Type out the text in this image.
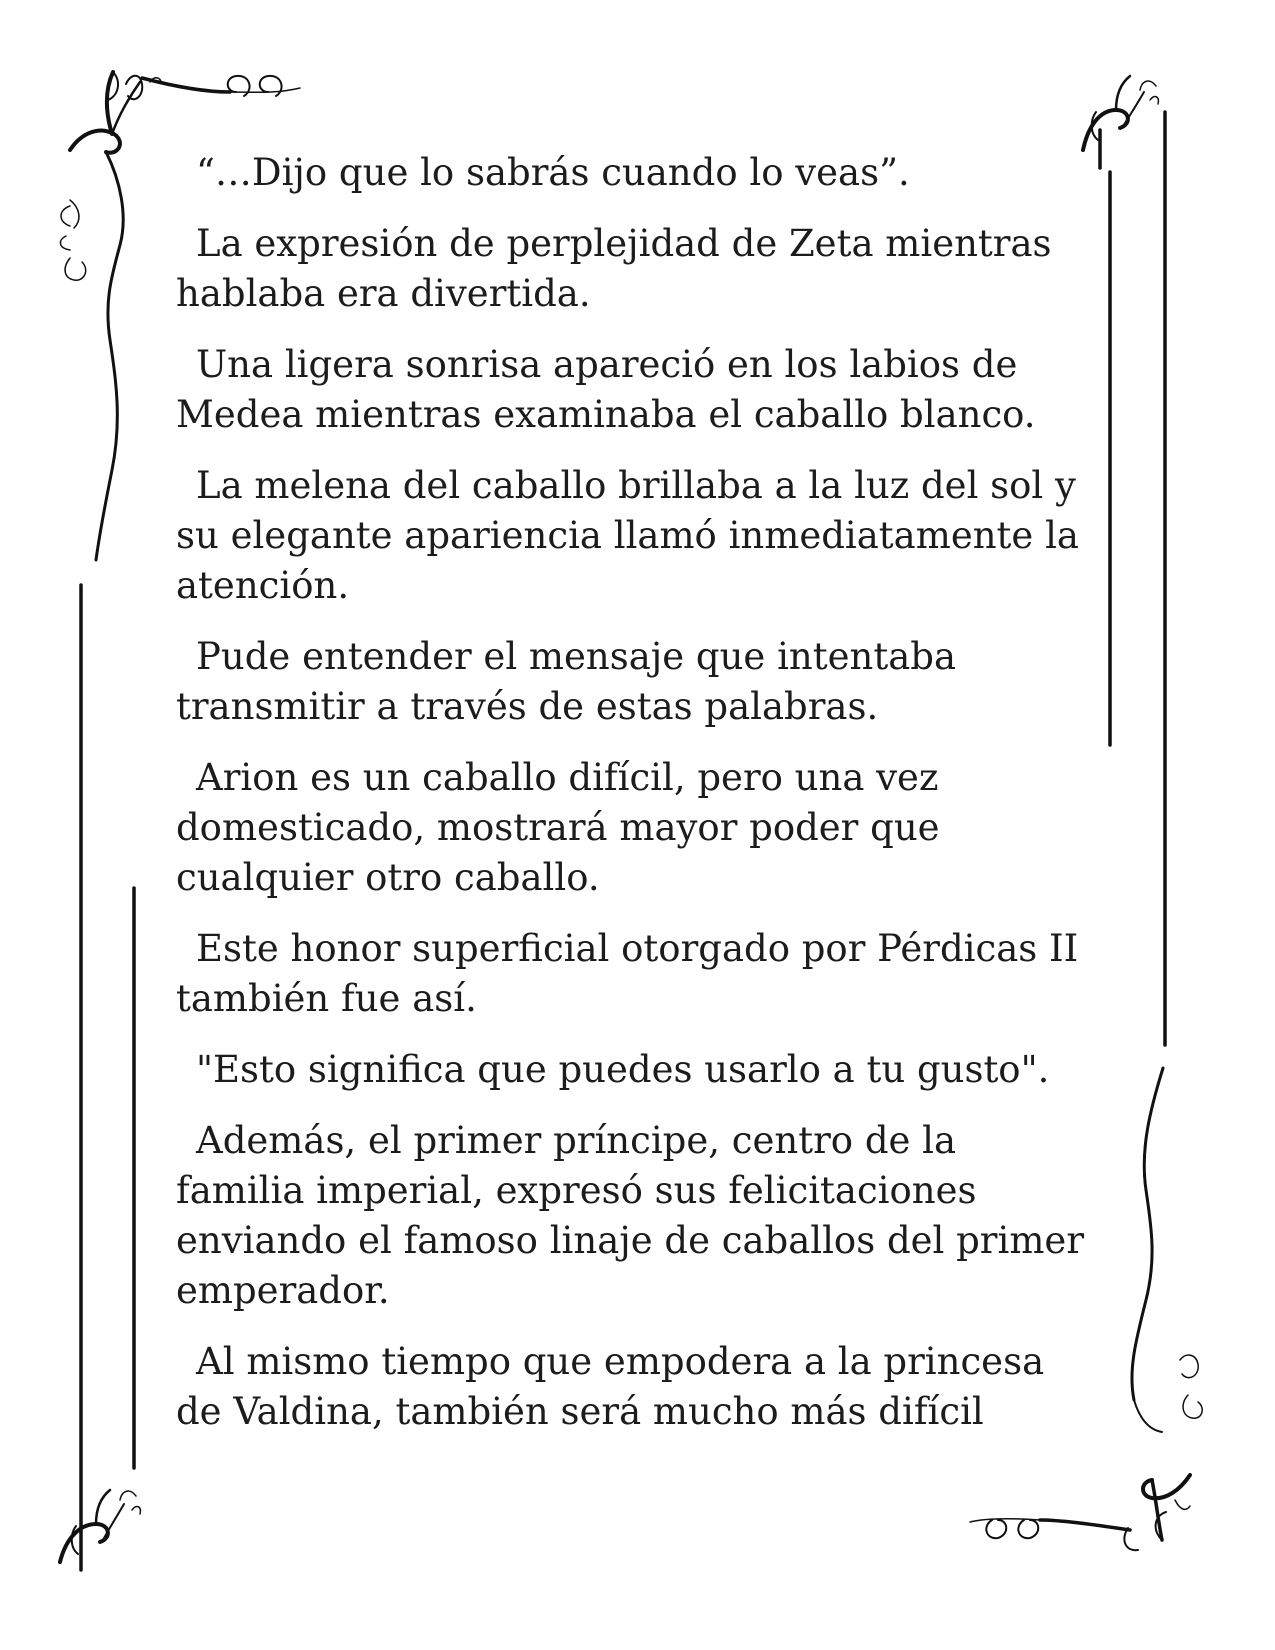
“…Dijo que lo sabrás cuando lo veas”.

La expresión de perplejidad de Zeta mientras hablaba era divertida.

Una ligera sonrisa apareció en los labios de Medea mientras examinaba el caballo blanco.

La melena del caballo brillaba a la luz del sol y su elegante apariencia llamó inmediatamente la atención.

Pude entender el mensaje que intentaba transmitir a través de estas palabras.

Arion es un caballo difícil, pero una vez domesticado, mostrará mayor poder que cualquier otro caballo.

Este honor superficial otorgado por Pérdicas II también fue así.

"Esto significa que puedes usarlo a tu gusto".

Además, el primer príncipe, centro de la familia imperial, expresó sus felicitaciones enviando el famoso linaje de caballos del primer emperador.

Al mismo tiempo que empodera a la princesa de Valdina, también será mucho más difícil
